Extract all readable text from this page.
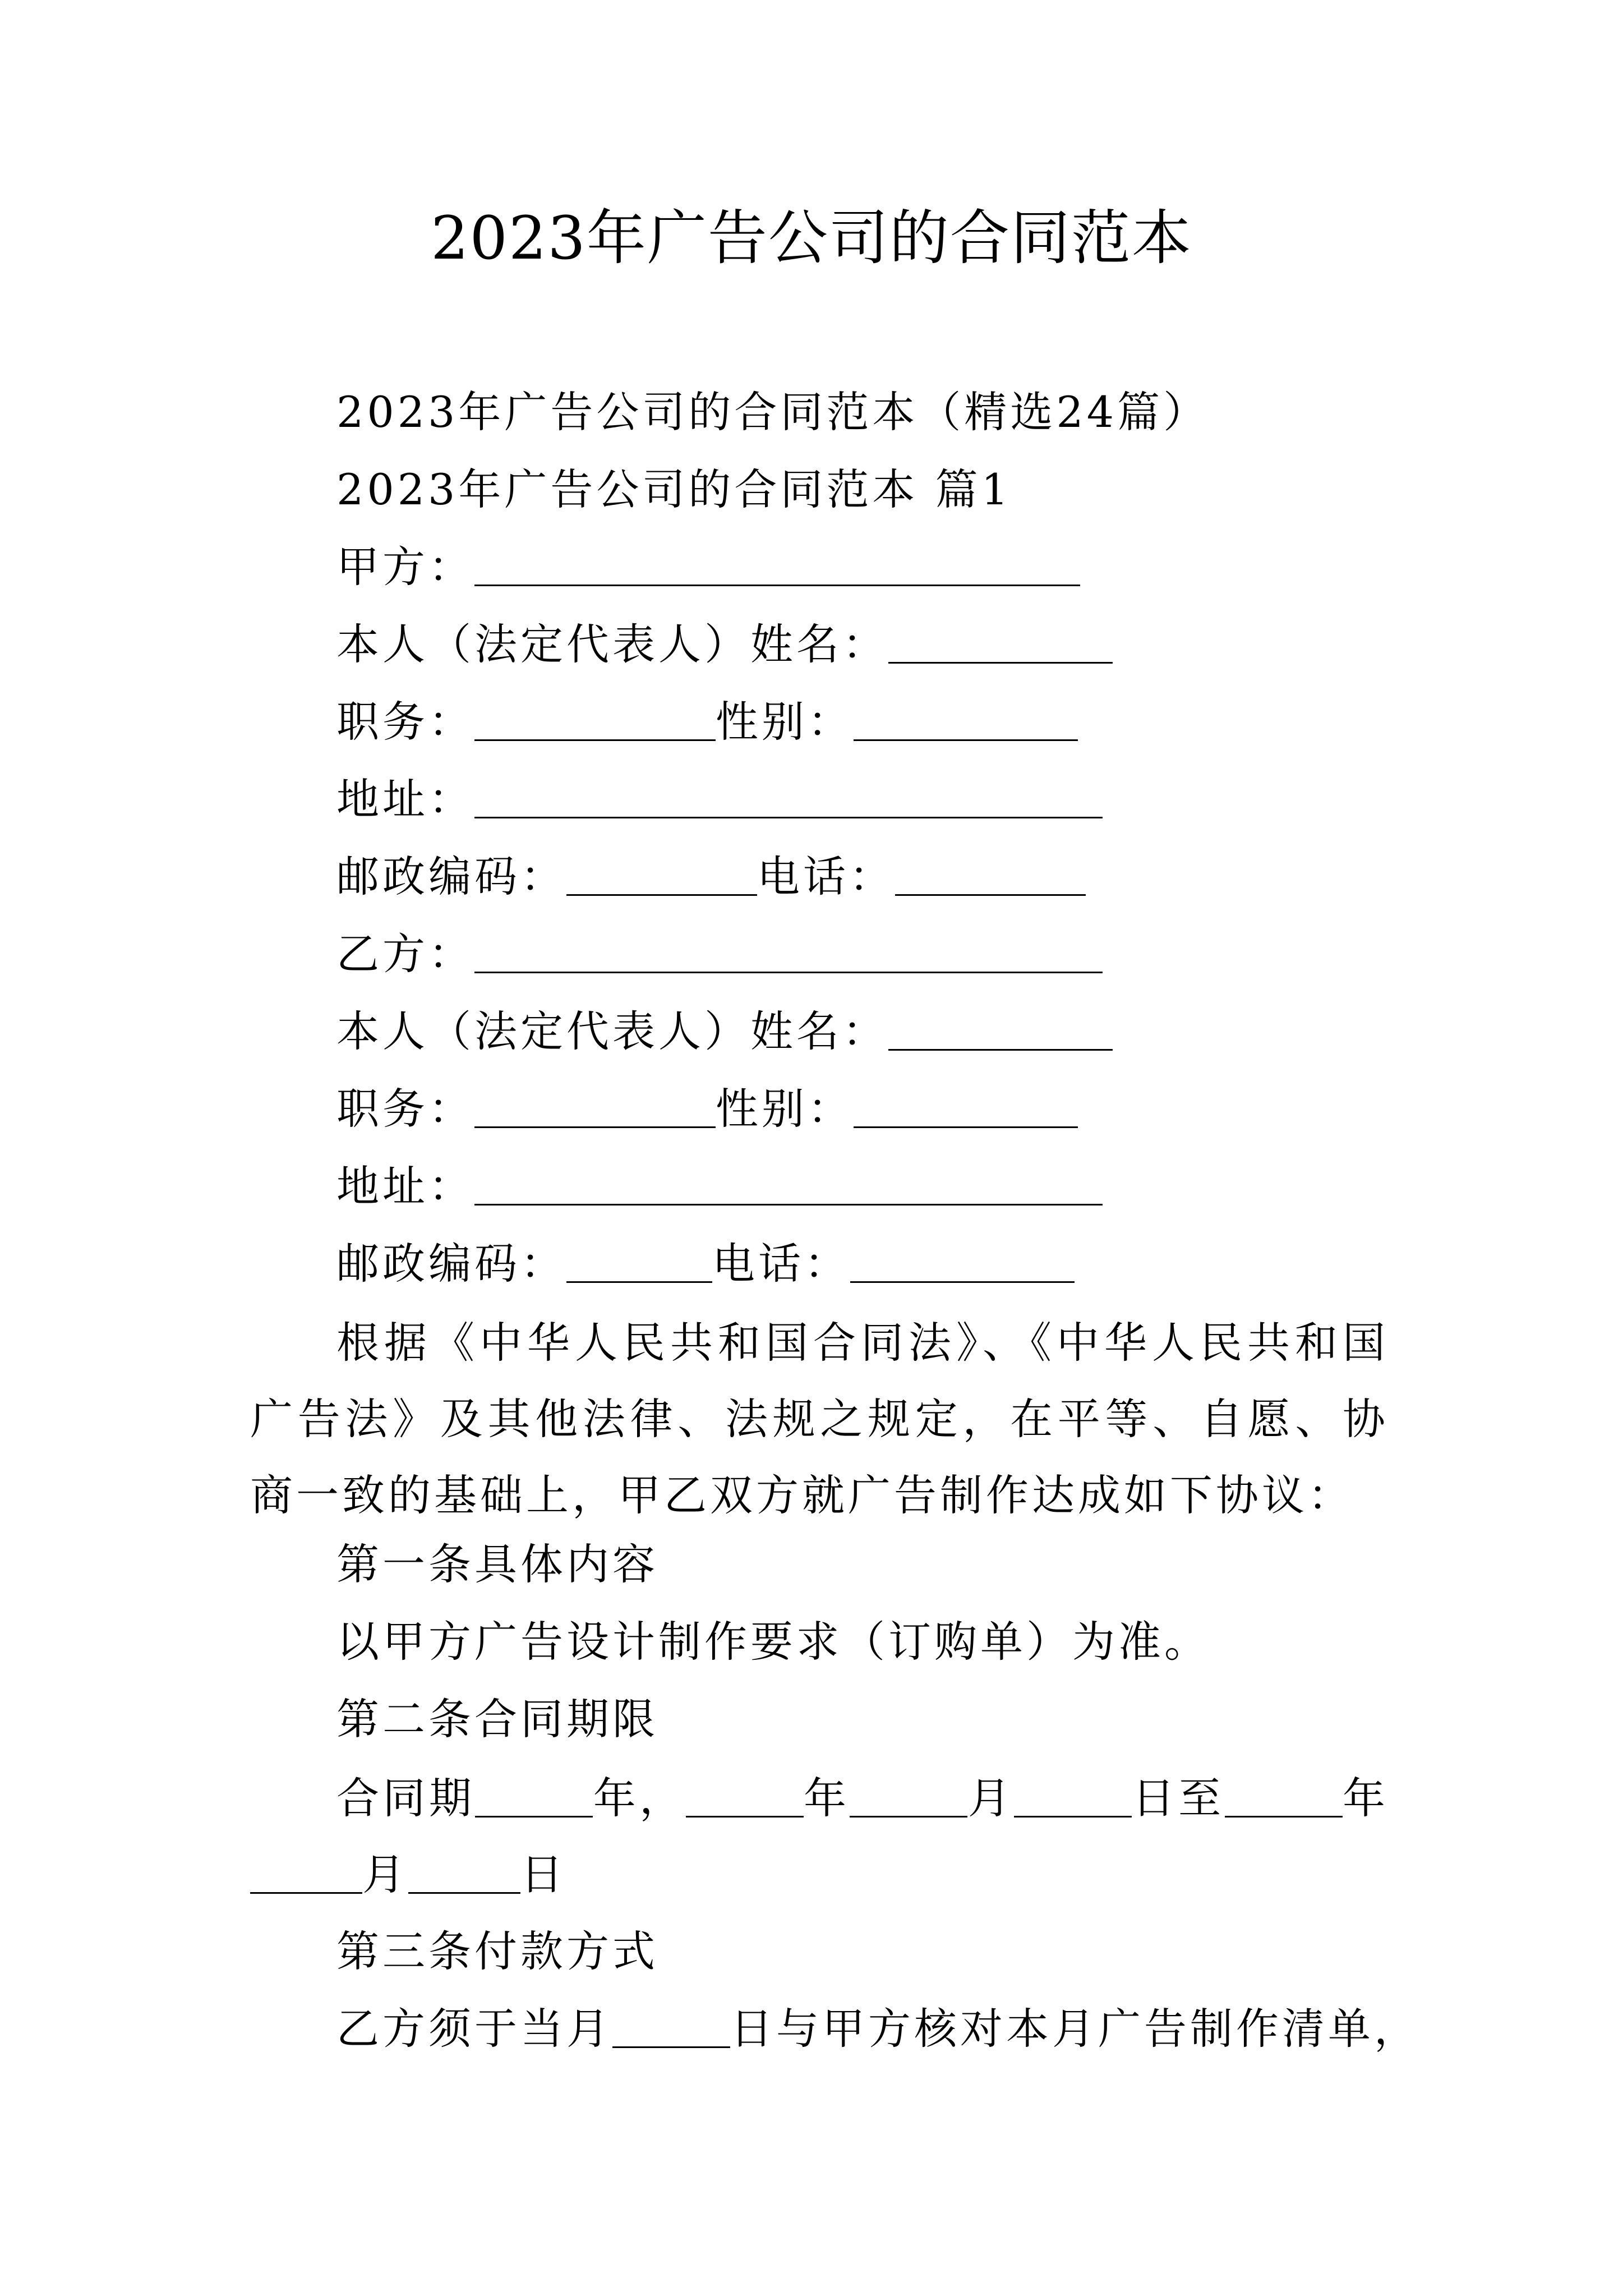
2023年广告公司的合同范本
2023年广告公司的合同范本（精选24篇）
2023年广告公司的合同范本 篇1
甲方：
本人（法定代表人）姓名：
职务：	性别：
地址：
邮政编码：	电话：
乙方：
本人（法定代表人）姓名：
职务：	性别：
地址：
邮政编码：	电话：
根据《中华人民共和国合同法》、《中华人民共和国广告法》及其他法律、法规之规定，在平等、自愿、协商一致的基础上，甲乙双方就广告制作达成如下协议：
第一条具体内容
以甲方广告设计制作要求（订购单）为准。
第二条合同期限
合同期	年，	年	月	日至	年月	日
第三条付款方式
乙方须于当月	日与甲方核对本月广告制作清单，
